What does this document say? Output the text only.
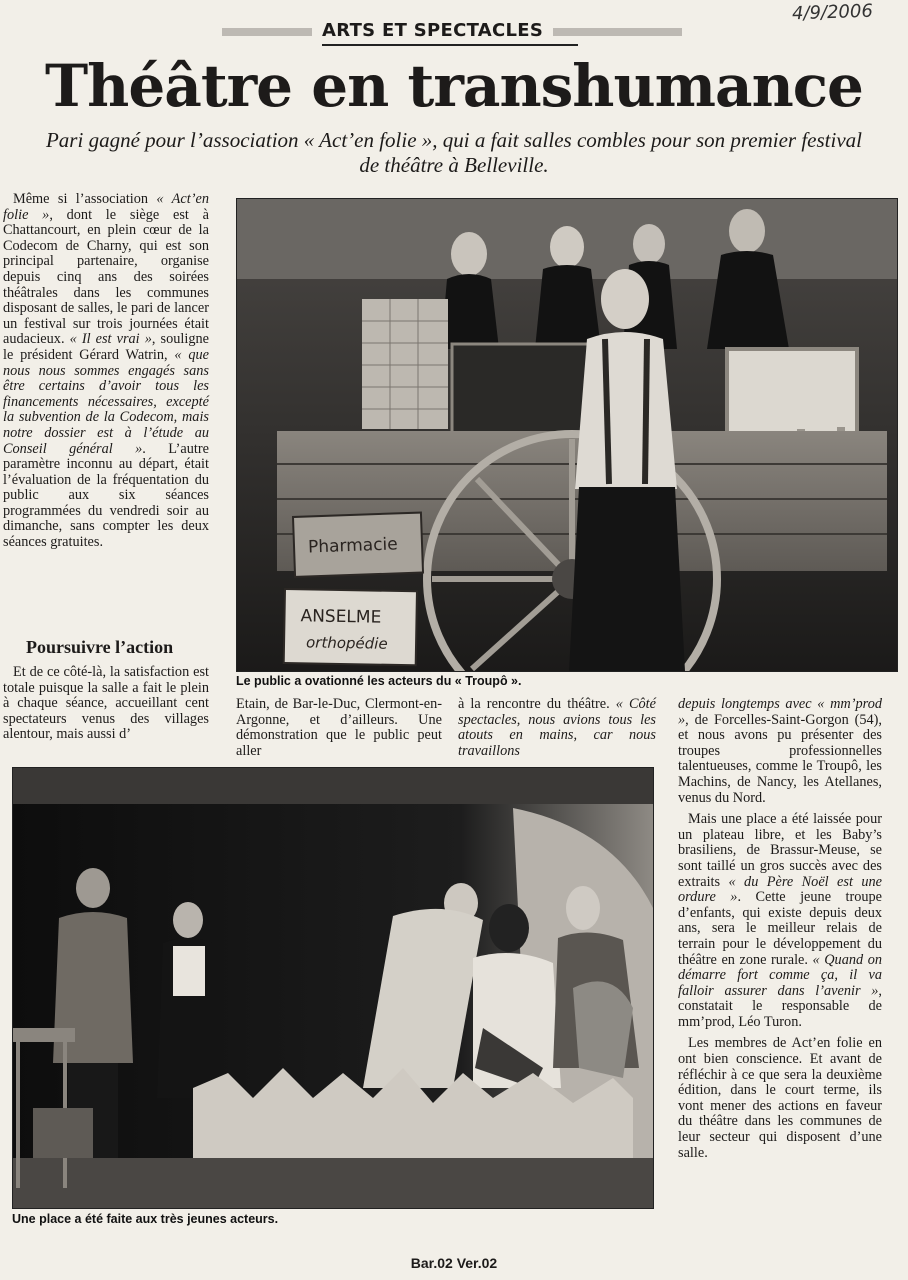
4/9/2006
ARTS ET SPECTACLES
Théâtre en transhumance
Pari gagné pour l’association « Act’en folie », qui a fait salles combles pour son premier festival de théâtre à Belleville.

Même si l’association « Act’en folie », dont le siège est à Chattancourt, en plein cœur de la Codecom de Charny, qui est son principal partenaire, organise depuis cinq ans des soirées théâtrales dans les communes disposant de salles, le pari de lancer un festival sur trois journées était audacieux. « Il est vrai », souligne le président Gérard Watrin, « que nous nous sommes engagés sans être certains d’avoir tous les financements nécessaires, excepté la subvention de la Codecom, mais notre dossier est à l’étude au Conseil général ». L’autre paramètre inconnu au départ, était l’évaluation de la fréquentation du public aux six séances programmées du vendredi soir au dimanche, sans compter les deux séances gratuites.

Poursuivre l’action

Et de ce côté-là, la satisfaction est totale puisque la salle a fait le plein à chaque séance, accueillant cent spectateurs venus des villages alentour, mais aussi d’

Pharmacie
ANSELME
orthopédie
Le public a ovationné les acteurs du « Troupô ».

Etain, de Bar-le-Duc, Clermont-en-Argonne, et d’ailleurs. Une démonstration que le public peut aller

à la rencontre du théâtre. « Côté spectacles, nous avions tous les atouts en mains, car nous travaillons

depuis longtemps avec « mm’prod », de Forcelles-Saint-Gorgon (54), et nous avons pu présenter des troupes professionnelles talentueuses, comme le Troupô, les Machins, de Nancy, les Atellanes, venus du Nord.

Mais une place a été laissée pour un plateau libre, et les Baby’s brasiliens, de Brassur-Meuse, se sont taillé un gros succès avec des extraits « du Père Noël est une ordure ». Cette jeune troupe d’enfants, qui existe depuis deux ans, sera le meilleur relais de terrain pour le développement du théâtre en zone rurale. « Quand on démarre fort comme ça, il va falloir assurer dans l’avenir », constatait le responsable de mm’prod, Léo Turon.

Les membres de Act’en folie en ont bien conscience. Et avant de réfléchir à ce que sera la deuxième édition, dans le court terme, ils vont mener des actions en faveur du théâtre dans les communes de leur secteur qui disposent d’une salle.

Une place a été faite aux très jeunes acteurs.
Bar.02 Ver.02
